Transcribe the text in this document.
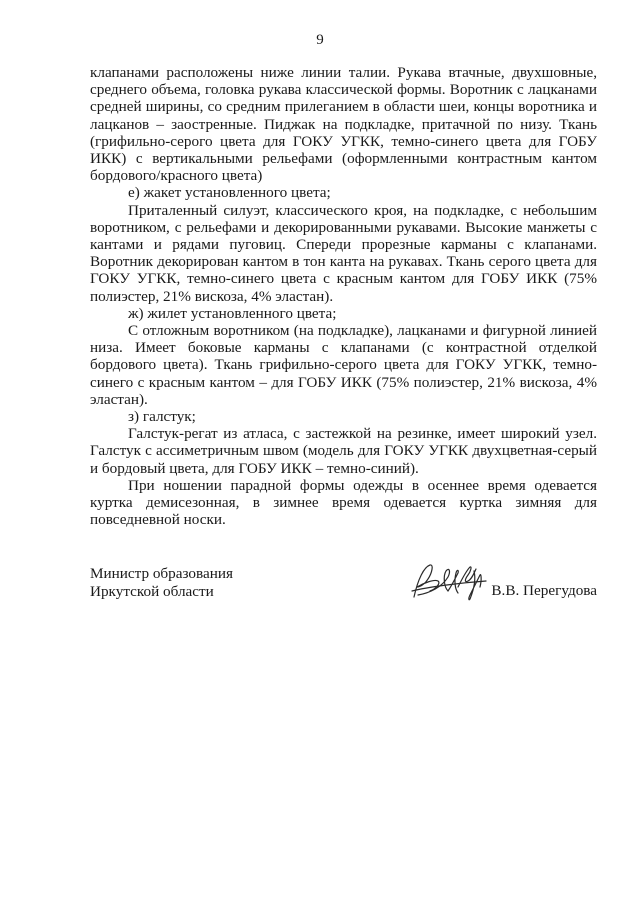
9

клапанами расположены ниже линии талии. Рукава втачные, двухшовные, среднего объема, головка рукава классической формы. Воротник с лацканами средней ширины, со средним прилеганием в области шеи, концы воротника и лацканов – заостренные. Пиджак на подкладке, притачной по низу. Ткань (грифильно-серого цвета для ГОКУ УГКК, темно-синего цвета для ГОБУ ИКК) с вертикальными рельефами (оформленными контрастным кантом бордового/красного цвета)

е) жакет установленного цвета;

Приталенный силуэт, классического кроя, на подкладке, с небольшим воротником, с рельефами и декорированными рукавами. Высокие манжеты с кантами и рядами пуговиц. Спереди прорезные карманы с клапанами. Воротник декорирован кантом в тон канта на рукавах. Ткань серого цвета для ГОКУ УГКК, темно-синего цвета с красным кантом для ГОБУ ИКК (75% полиэстер, 21% вискоза, 4% эластан).

ж) жилет установленного цвета;

С отложным воротником (на подкладке), лацканами и фигурной линией низа. Имеет боковые карманы с клапанами (с контрастной отделкой бордового цвета). Ткань грифильно-серого цвета для ГОКУ УГКК, темно-синего с красным кантом – для ГОБУ ИКК (75% полиэстер, 21% вискоза, 4% эластан).

з) галстук;

Галстук-регат из атласа, с застежкой на резинке, имеет широкий узел. Галстук с ассиметричным швом (модель для ГОКУ УГКК двухцветная-серый и бордовый цвета, для ГОБУ ИКК – темно-синий).

При ношении парадной формы одежды в осеннее время одевается куртка демисезонная, в зимнее время одевается куртка зимняя для повседневной носки.

Министр образования
Иркутской области	В.В. Перегудова
